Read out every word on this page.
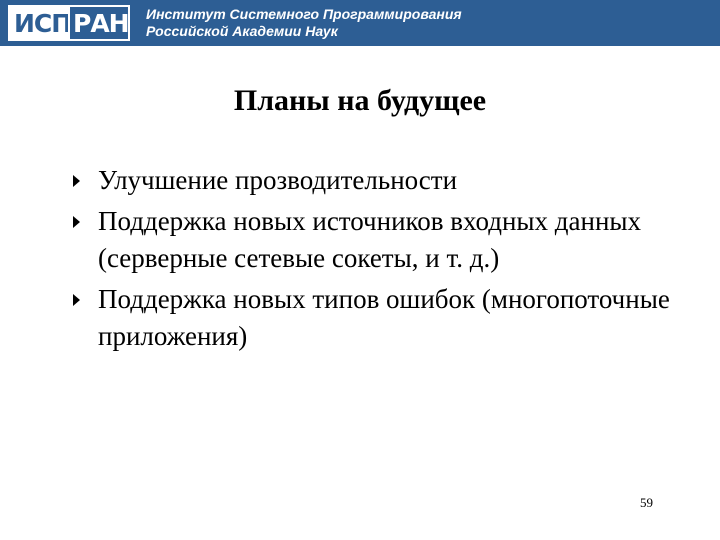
ИСП РАН Институт Системного Программирования
Российской Академии Наук
Планы на будущее
Улучшение прозводительности
Поддержка новых источников входных данных (серверные сетевые сокеты, и т. д.)
Поддержка новых типов ошибок (многопоточные приложения)
59
